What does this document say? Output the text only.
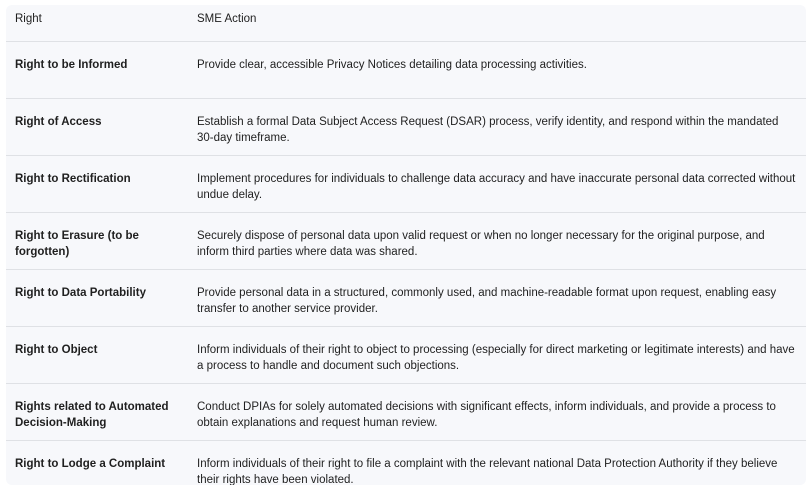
Right	SME Action
Right to be Informed	Provide clear, accessible Privacy Notices detailing data processing activities.
Right of Access	Establish a formal Data Subject Access Request (DSAR) process, verify identity, and respond within the mandated 30-day timeframe.
Right to Rectification	Implement procedures for individuals to challenge data accuracy and have inaccurate personal data corrected without undue delay.
Right to Erasure (to be forgotten)	Securely dispose of personal data upon valid request or when no longer necessary for the original purpose, and inform third parties where data was shared.
Right to Data Portability	Provide personal data in a structured, commonly used, and machine-readable format upon request, enabling easy transfer to another service provider.
Right to Object	Inform individuals of their right to object to processing (especially for direct marketing or legitimate interests) and have a process to handle and document such objections.
Rights related to Automated Decision-Making	Conduct DPIAs for solely automated decisions with significant effects, inform individuals, and provide a process to obtain explanations and request human review.
Right to Lodge a Complaint	Inform individuals of their right to file a complaint with the relevant national Data Protection Authority if they believe their rights have been violated.
